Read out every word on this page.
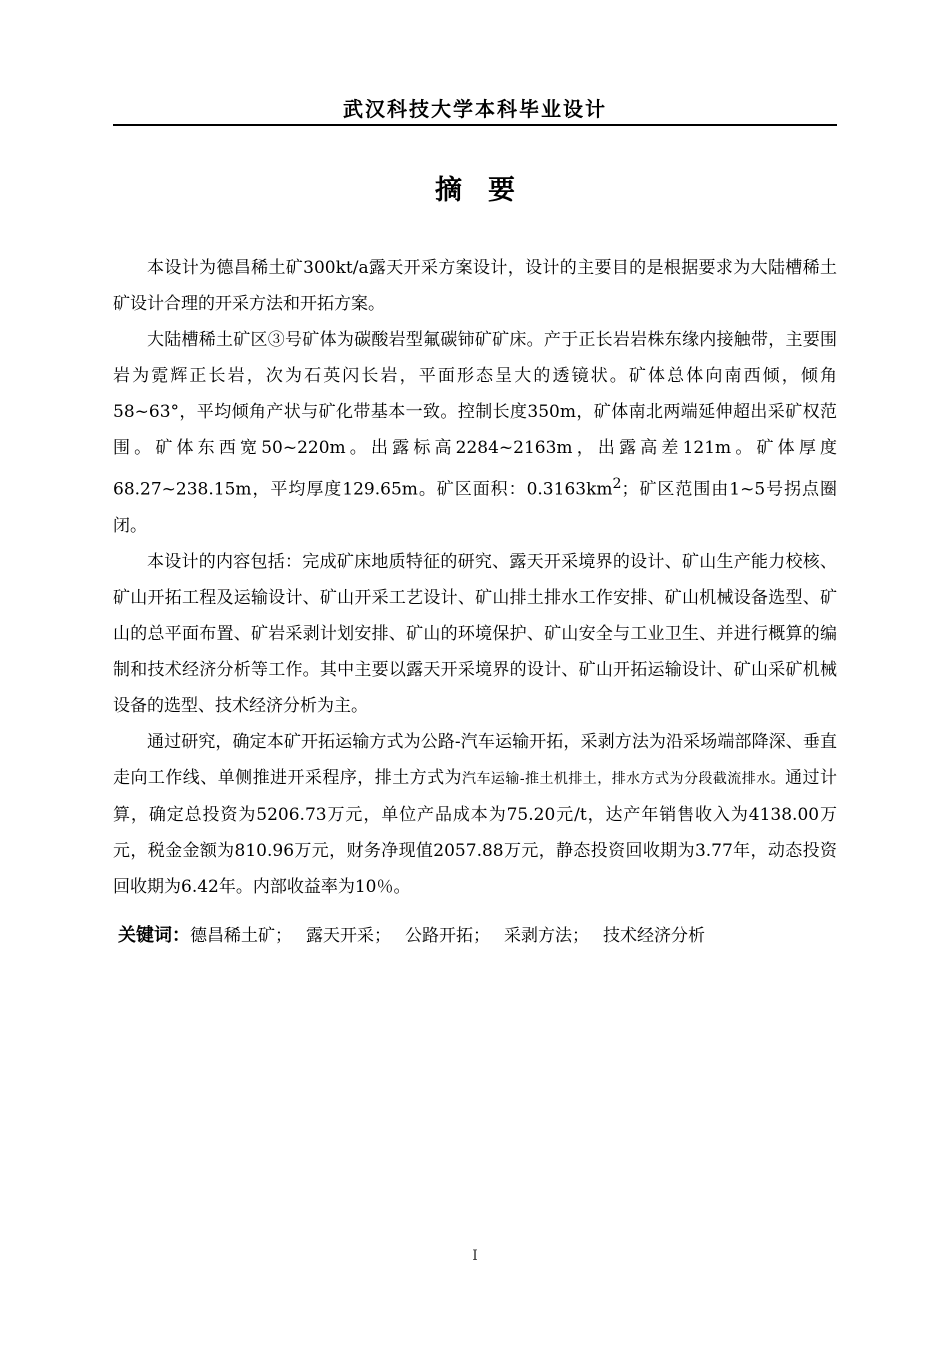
武汉科技大学本科毕业设计
摘要

本设计为德昌稀土矿300kt/a露天开采方案设计，设计的主要目的是根据要求为大陆槽稀土矿设计合理的开采方法和开拓方案。

大陆槽稀土矿区③号矿体为碳酸岩型氟碳铈矿矿床。产于正长岩岩株东缘内接触带，主要围岩为霓辉正长岩，次为石英闪长岩，平面形态呈大的透镜状。矿体总体向南西倾，倾角58~63°，平均倾角产状与矿化带基本一致。控制长度350m，矿体南北两端延伸超出采矿权范围。矿体东西宽50~220m。出露标高2284~2163m，出露高差121m。矿体厚度68.27~238.15m，平均厚度129.65m。矿区面积：$0.3163km^2$；矿区范围由1~5号拐点圈闭。

本设计的内容包括：完成矿床地质特征的研究、露天开采境界的设计、矿山生产能力校核、矿山开拓工程及运输设计、矿山开采工艺设计、矿山排土排水工作安排、矿山机械设备选型、矿山的总平面布置、矿岩采剥计划安排、矿山的环境保护、矿山安全与工业卫生、并进行概算的编制和技术经济分析等工作。其中主要以露天开采境界的设计、矿山开拓运输设计、矿山采矿机械设备的选型、技术经济分析为主。

通过研究，确定本矿开拓运输方式为公路-汽车运输开拓，采剥方法为沿采场端部降深、垂直走向工作线、单侧推进开采程序，排土方式为汽车运输-推土机排土，排水方式为分段截流排水。通过计算，确定总投资为5206.73万元，单位产品成本为75.20元/t，达产年销售收入为4138.00万元，税金金额为810.96万元，财务净现值2057.88万元，静态投资回收期为3.77年，动态投资回收期为6.42年。内部收益率为10％。

关键词：德昌稀土矿； 露天开采； 公路开拓； 采剥方法； 技术经济分析
I
